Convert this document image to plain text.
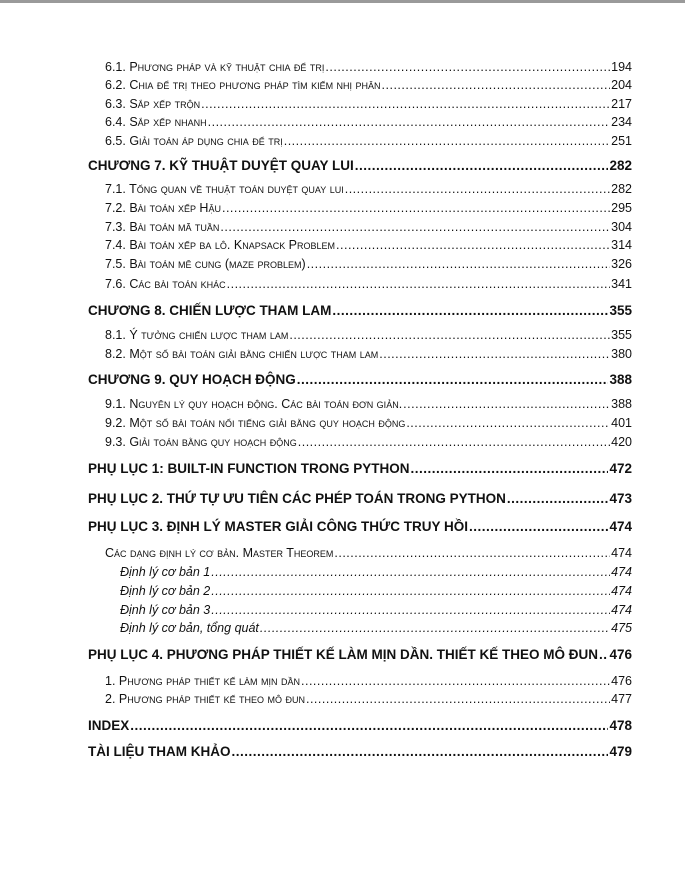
6.1. Phương pháp và kỹ thuật chia để trị .....	194
6.2. Chia để trị theo phương pháp tìm kiếm nhị phân .....	204
6.3. Sắp xếp trộn .....	217
6.4. Sắp xếp nhanh .....	234
6.5. Giải toán áp dụng chia để trị .....	251
CHƯƠNG 7. KỸ THUẬT DUYỆT QUAY LUI .....	282
7.1. Tổng quan về thuật toán duyệt quay lui .....	282
7.2. Bài toán xếp Hậu .....	295
7.3. Bài toán mã tuần .....	304
7.4. Bài toán xếp ba lô. Knapsack Problem .....	314
7.5. Bài toán mê cung (maze problem) .....	326
7.6. Các bài toán khác .....	341
CHƯƠNG 8. CHIẾN LƯỢC THAM LAM .....	355
8.1. Ý tưởng chiến lược tham lam .....	355
8.2. Một số bài toán giải bằng chiến lược tham lam .....	380
CHƯƠNG 9. QUY HOẠCH ĐỘNG .....	388
9.1. Nguyên lý quy hoạch động. Các bài toán đơn giản. .....	388
9.2. Một số bài toán nổi tiếng giải bằng quy hoạch động .....	401
9.3. Giải toán bằng quy hoạch động .....	420
PHỤ LỤC 1: BUILT-IN FUNCTION TRONG PYTHON .....	472
PHỤ LỤC 2. THỨ TỰ ƯU TIÊN CÁC PHÉP TOÁN TRONG PYTHON .....	473
PHỤ LỤC 3. ĐỊNH LÝ MASTER GIẢI CÔNG THỨC TRUY HỒI .....	474
Các dạng định lý cơ bản. Master Theorem .....	474
Định lý cơ bản 1 .....	474
Định lý cơ bản 2 .....	474
Định lý cơ bản 3 .....	474
Định lý cơ bản, tổng quát .....	475
PHỤ LỤC 4. PHƯƠNG PHÁP THIẾT KẾ LÀM MỊN DẦN. THIẾT KẾ THEO MÔ ĐUN ..... 476
1. Phương pháp thiết kế làm mịn dần .....	476
2. Phương pháp thiết kế theo mô đun .....	477
INDEX .....	478
TÀI LIỆU THAM KHẢO .....	479
